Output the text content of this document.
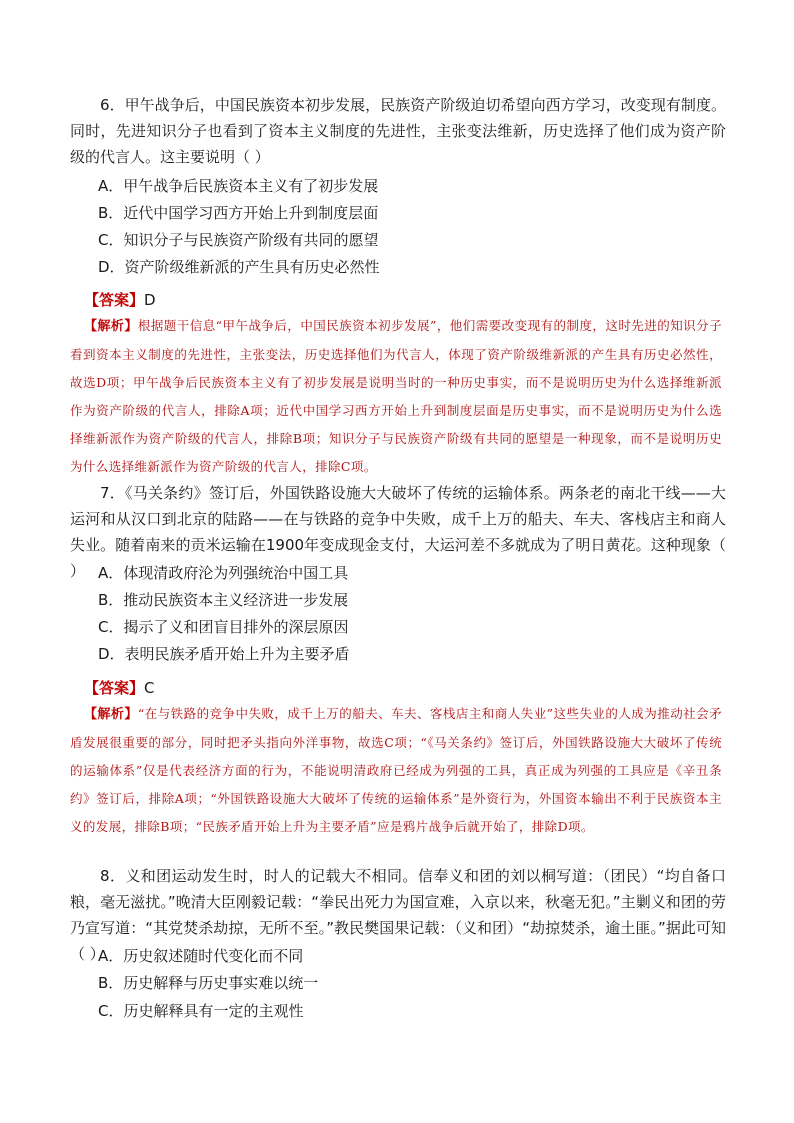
6．甲午战争后，中国民族资本初步发展，民族资产阶级迫切希望向西方学习，改变现有制度。同时，先进知识分子也看到了资本主义制度的先进性，主张变法维新，历史选择了他们成为资产阶级的代言人。这主要说明（ ）

A．甲午战争后民族资本主义有了初步发展

B．近代中国学习西方开始上升到制度层面

C．知识分子与民族资产阶级有共同的愿望

D．资产阶级维新派的产生具有历史必然性

【答案】D

【解析】根据题干信息“甲午战争后，中国民族资本初步发展”，他们需要改变现有的制度，这时先进的知识分子看到资本主义制度的先进性，主张变法，历史选择他们为代言人，体现了资产阶级维新派的产生具有历史必然性，故选D项；甲午战争后民族资本主义有了初步发展是说明当时的一种历史事实，而不是说明历史为什么选择维新派作为资产阶级的代言人，排除A项；近代中国学习西方开始上升到制度层面是历史事实，而不是说明历史为什么选择维新派作为资产阶级的代言人，排除B项；知识分子与民族资产阶级有共同的愿望是一种现象，而不是说明历史为什么选择维新派作为资产阶级的代言人，排除C项。

7．《马关条约》签订后，外国铁路设施大大破坏了传统的运输体系。两条老的南北干线——大运河和从汉口到北京的陆路——在与铁路的竞争中失败，成千上万的船夫、车夫、客栈店主和商人失业。随着南来的贡米运输在1900年变成现金支付，大运河差不多就成为了明日黄花。这种现象（ ） A．体现清政府沦为列强统治中国工具

B．推动民族资本主义经济进一步发展

C．揭示了义和团盲目排外的深层原因

D．表明民族矛盾开始上升为主要矛盾

【答案】C

【解析】“在与铁路的竞争中失败，成千上万的船夫、车夫、客栈店主和商人失业”这些失业的人成为推动社会矛盾发展很重要的部分，同时把矛头指向外洋事物，故选C项；“《马关条约》签订后，外国铁路设施大大破坏了传统的运输体系”仅是代表经济方面的行为，不能说明清政府已经成为列强的工具，真正成为列强的工具应是《辛丑条约》签订后，排除A项；“外国铁路设施大大破坏了传统的运输体系”是外资行为，外国资本输出不利于民族资本主义的发展，排除B项；“民族矛盾开始上升为主要矛盾”应是鸦片战争后就开始了，排除D项。

8．义和团运动发生时，时人的记载大不相同。信奉义和团的刘以桐写道：（团民）“均自备口粮，毫无滋扰。”晚清大臣刚毅记载：“拳民出死力为国宣难，入京以来，秋毫无犯。”主剿义和团的劳乃宣写道：“其党焚杀劫掠，无所不至。”教民樊国果记载：（义和团）“劫掠焚杀，逾土匪。”据此可知（ ）

A．历史叙述随时代变化而不同

B．历史解释与历史事实难以统一

C．历史解释具有一定的主观性
